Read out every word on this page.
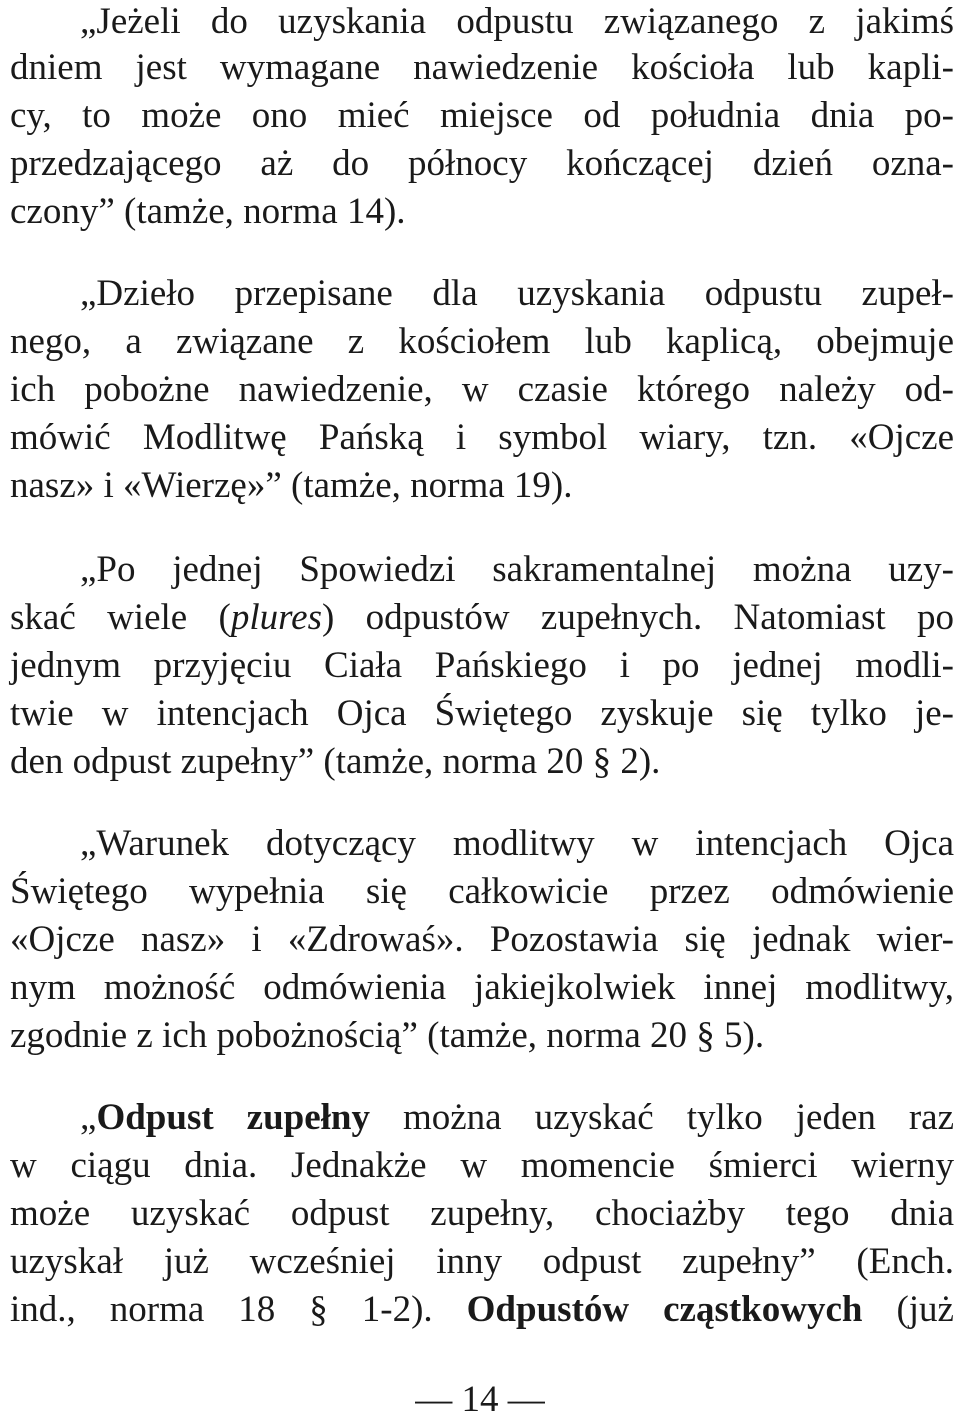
„Jeżeli do uzyskania odpustu związanego z jakimś
dniem jest wymagane nawiedzenie kościoła lub kapli-
cy, to może ono mieć miejsce od południa dnia po-
przedzającego aż do północy kończącej dzień ozna-
czony” (tamże, norma 14).
„Dzieło przepisane dla uzyskania odpustu zupeł-
nego, a związane z kościołem lub kaplicą, obejmuje
ich pobożne nawiedzenie, w czasie którego należy od-
mówić Modlitwę Pańską i symbol wiary, tzn. «Ojcze
nasz» i «Wierzę»” (tamże, norma 19).
„Po jednej Spowiedzi sakramentalnej można uzy-
skać wiele (plures) odpustów zupełnych. Natomiast po
jednym przyjęciu Ciała Pańskiego i po jednej modli-
twie w intencjach Ojca Świętego zyskuje się tylko je-
den odpust zupełny” (tamże, norma 20 § 2).
„Warunek dotyczący modlitwy w intencjach Ojca
Świętego wypełnia się całkowicie przez odmówienie
«Ojcze nasz» i «Zdrowaś». Pozostawia się jednak wier-
nym możność odmówienia jakiejkolwiek innej modlitwy,
zgodnie z ich pobożnością” (tamże, norma 20 § 5).
„Odpust zupełny można uzyskać tylko jeden raz
w ciągu dnia. Jednakże w momencie śmierci wierny
może uzyskać odpust zupełny, chociażby tego dnia
uzyskał już wcześniej inny odpust zupełny” (Ench.
ind., norma 18 § 1-2). Odpustów cząstkowych (już
— 14 —
